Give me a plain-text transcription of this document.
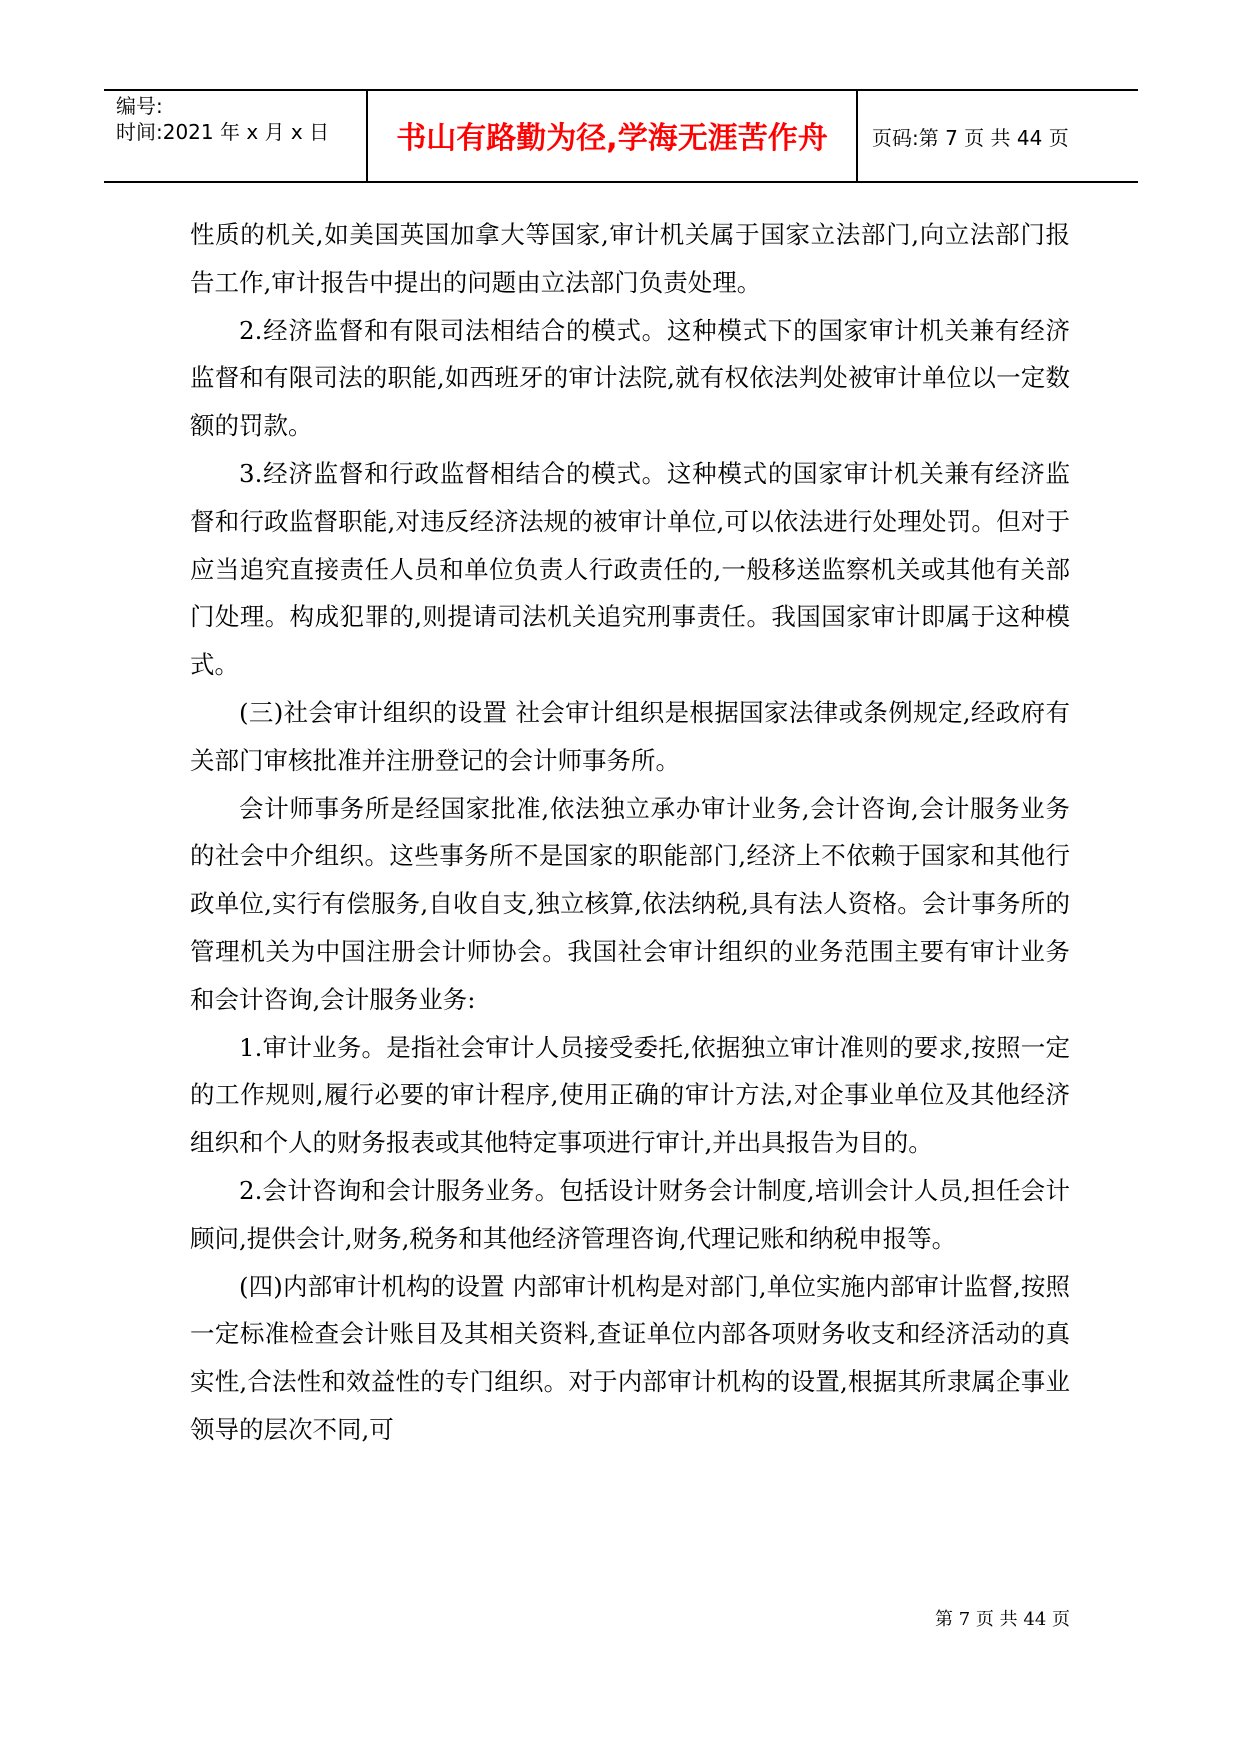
编号:
时间:2021 年 x 月 x 日	书山有路勤为径,学海无涯苦作舟	页码:第 7 页 共 44 页

性质的机关,如美国英国加拿大等国家,审计机关属于国家立法部门,向立法部门报告工作,审计报告中提出的问题由立法部门负责处理。

2.经济监督和有限司法相结合的模式。这种模式下的国家审计机关兼有经济监督和有限司法的职能,如西班牙的审计法院,就有权依法判处被审计单位以一定数额的罚款。

3.经济监督和行政监督相结合的模式。这种模式的国家审计机关兼有经济监督和行政监督职能,对违反经济法规的被审计单位,可以依法进行处理处罚。但对于应当追究直接责任人员和单位负责人行政责任的,一般移送监察机关或其他有关部门处理。构成犯罪的,则提请司法机关追究刑事责任。我国国家审计即属于这种模式。

(三)社会审计组织的设置 社会审计组织是根据国家法律或条例规定,经政府有关部门审核批准并注册登记的会计师事务所。

会计师事务所是经国家批准,依法独立承办审计业务,会计咨询,会计服务业务的社会中介组织。这些事务所不是国家的职能部门,经济上不依赖于国家和其他行政单位,实行有偿服务,自收自支,独立核算,依法纳税,具有法人资格。会计事务所的管理机关为中国注册会计师协会。我国社会审计组织的业务范围主要有审计业务和会计咨询,会计服务业务:

1.审计业务。是指社会审计人员接受委托,依据独立审计准则的要求,按照一定的工作规则,履行必要的审计程序,使用正确的审计方法,对企事业单位及其他经济组织和个人的财务报表或其他特定事项进行审计,并出具报告为目的。

2.会计咨询和会计服务业务。包括设计财务会计制度,培训会计人员,担任会计顾问,提供会计,财务,税务和其他经济管理咨询,代理记账和纳税申报等。

(四)内部审计机构的设置 内部审计机构是对部门,单位实施内部审计监督,按照一定标准检查会计账目及其相关资料,查证单位内部各项财务收支和经济活动的真实性,合法性和效益性的专门组织。对于内部审计机构的设置,根据其所隶属企事业领导的层次不同,可

第 7 页 共 44 页
